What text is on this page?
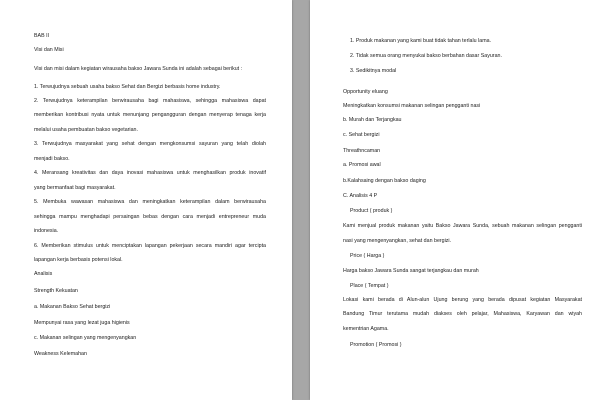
BAB II
Visi dan Misi
Visi dan misi dalam kegiatan wirausaha bakso Jawara Sunda ini adalah sebagai berikut :
1. Terwujudnya sebuah usaha bakso Sehat dan Bergizi berbasis home industry.
2. Terwujudnya keterampilan berwirausaha bagi mahasiswa, sehingga mahasiswa dapat
memberikan kontribusi nyata untuk menunjang pengangguran dengan menyerap tenaga kerja
melalui usaha pembuatan bakso vegetarian.
3. Terwujudnya masyarakat yang sehat dengan mengkonsumsi sayuran yang telah diolah
menjadi bakso.
4. Meransang kreativitas dan daya inovasi mahasiswa untuk menghasilkan produk inovatif
yang bermanfaat bagi masyarakat.
5. Membuka wawasan mahasiswa dan meningkatkan keterampilan dalam berwirausaha
sehingga mampu menghadapi persaingan bebas dengan cara menjadi entrepreneur muda
indonesia.
6. Memberikan stimulus untuk menciptakan lapangan pekerjaan secara mandiri agar tercipta
lapangan kerja berbasis potensi lokal.
Analisis
Strength Kekuatan
a. Makanan Bakso Sehat bergizi
Mempunyai rasa yang lezat juga higienis
c. Makanan selingan yang mengenyangkan
Weakness Kelemahan
1. Produk makanan yang kami buat tidak tahan terlalu lama.
2. Tidak semua orang menyukai bakso berbahan dasar Sayuran.
3. Sedikitnya modal
Opportunity eluang
Meningkatkan konsumsi makanan selingan pengganti nasi
b. Murah dan Terjangkau
c. Sehat bergizi
Threathncaman
a. Promosi awal
b.Kalahsaing dengan bakso daging
C. Analisis 4 P
Product ( produk )
Kami menjual produk makanan yaitu Bakso Jawara Sunda, sebuah makanan selingan pengganti
nasi yang mengenyangkan, sehat dan bergizi.
Price ( Harga )
Harga bakso Jawara Sunda sangat terjangkau dan murah
Place ( Tempat )
Lokasi kami berada di Alun-alun Ujung berung yang berada dipusat kegiatan Masyarakat
Bandung Timur terutama mudah diakses oleh pelajar, Mahasiswa, Karyawan dan wiyah
kementrian Agama.
Promotion ( Promosi )
